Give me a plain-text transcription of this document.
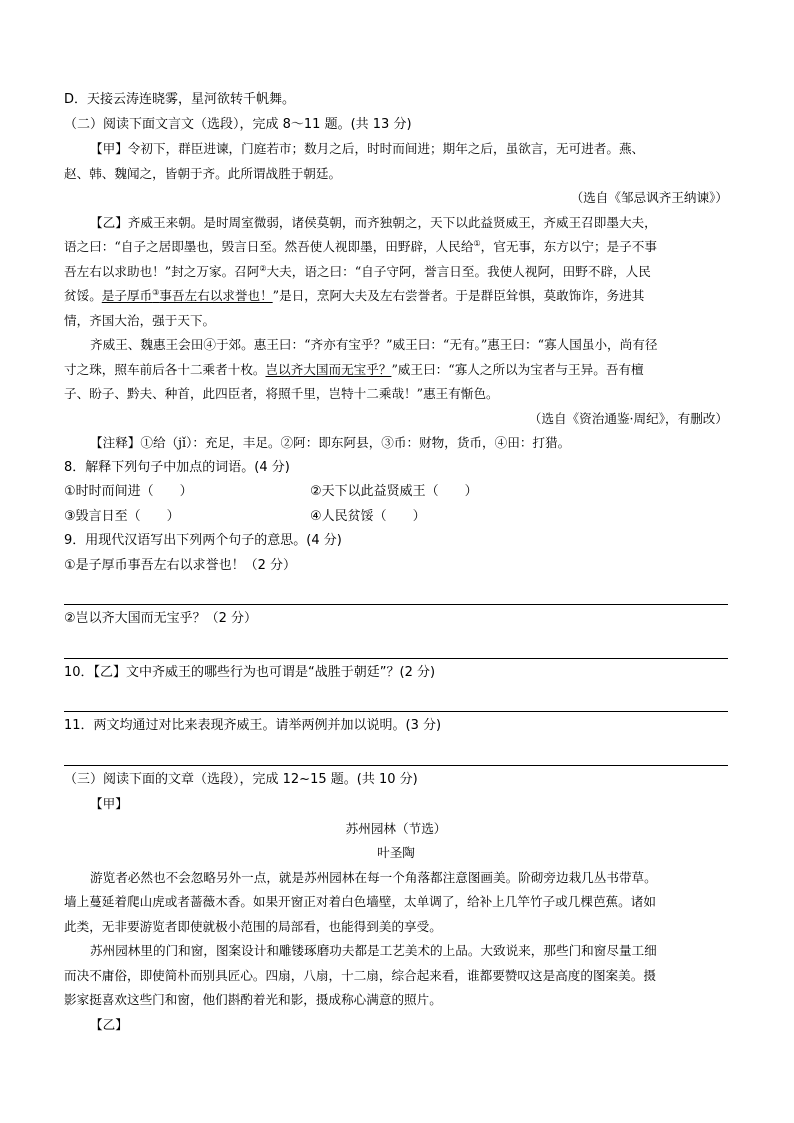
D．天接云涛连晓雾，星河欲转千帆舞。
（二）阅读下面文言文（选段），完成 8～11 题。(共 13 分)
【甲】令初下，群臣进谏，门庭若市；数月之后，时时而间进；期年之后，虽欲言，无可进者。燕、
赵、韩、魏闻之，皆朝于齐。此所谓战胜于朝廷。
（选自《邹忌讽齐王纳谏》）
【乙】齐威王来朝。是时周室微弱，诸侯莫朝，而齐独朝之，天下以此益贤威王，齐威王召即墨大夫，
语之曰：“自子之居即墨也，毁言日至。然吾使人视即墨，田野辟，人民给①，官无事，东方以宁；是子不事
吾左右以求助也！”封之万家。召阿②大夫，语之曰：“自子守阿，誉言日至。我使人视阿，田野不辟，人民
贫馁。是子厚币③事吾左右以求誉也！”是日，烹阿大夫及左右尝誉者。于是群臣耸惧，莫敢饰诈，务进其
情，齐国大治，强于天下。
齐威王、魏惠王会田④于郊。惠王曰：“齐亦有宝乎？”威王曰：“无有。”惠王曰：“寡人国虽小，尚有径
寸之珠，照车前后各十二乘者十枚。岂以齐大国而无宝乎？”威王曰：“寡人之所以为宝者与王异。吾有檀
子、盼子、黔夫、种首，此四臣者，将照千里，岂特十二乘哉！”惠王有惭色。
（选自《资治通鉴·周纪》，有删改）
【注释】①给（jǐ）：充足，丰足。②阿：即东阿县，③币：财物，货币，④田：打猎。
8．解释下列句子中加点的词语。(4 分)
①时时而间进（　　）	②天下以此益贤威王（　　）
③毁言日至（　　）	④人民贫馁（　　）
9．用现代汉语写出下列两个句子的意思。(4 分)
①是子厚币事吾左右以求誉也！（2 分）
②岂以齐大国而无宝乎？（2 分）
10．【乙】文中齐威王的哪些行为也可谓是“战胜于朝廷”？(2 分)
11．两文均通过对比来表现齐威王。请举两例并加以说明。(3 分)
（三）阅读下面的文章（选段），完成 12~15 题。(共 10 分)
【甲】
苏州园林（节选）
叶圣陶
游览者必然也不会忽略另外一点，就是苏州园林在每一个角落都注意图画美。阶砌旁边栽几丛书带草。
墙上蔓延着爬山虎或者蔷薇木香。如果开窗正对着白色墙壁，太单调了，给补上几竿竹子或几棵芭蕉。诸如
此类，无非要游览者即使就极小范围的局部看，也能得到美的享受。
苏州园林里的门和窗，图案设计和雕镂琢磨功夫都是工艺美术的上品。大致说来，那些门和窗尽量工细
而决不庸俗，即使简朴而别具匠心。四扇，八扇，十二扇，综合起来看，谁都要赞叹这是高度的图案美。摄
影家挺喜欢这些门和窗，他们斟酌着光和影，摄成称心满意的照片。
【乙】
